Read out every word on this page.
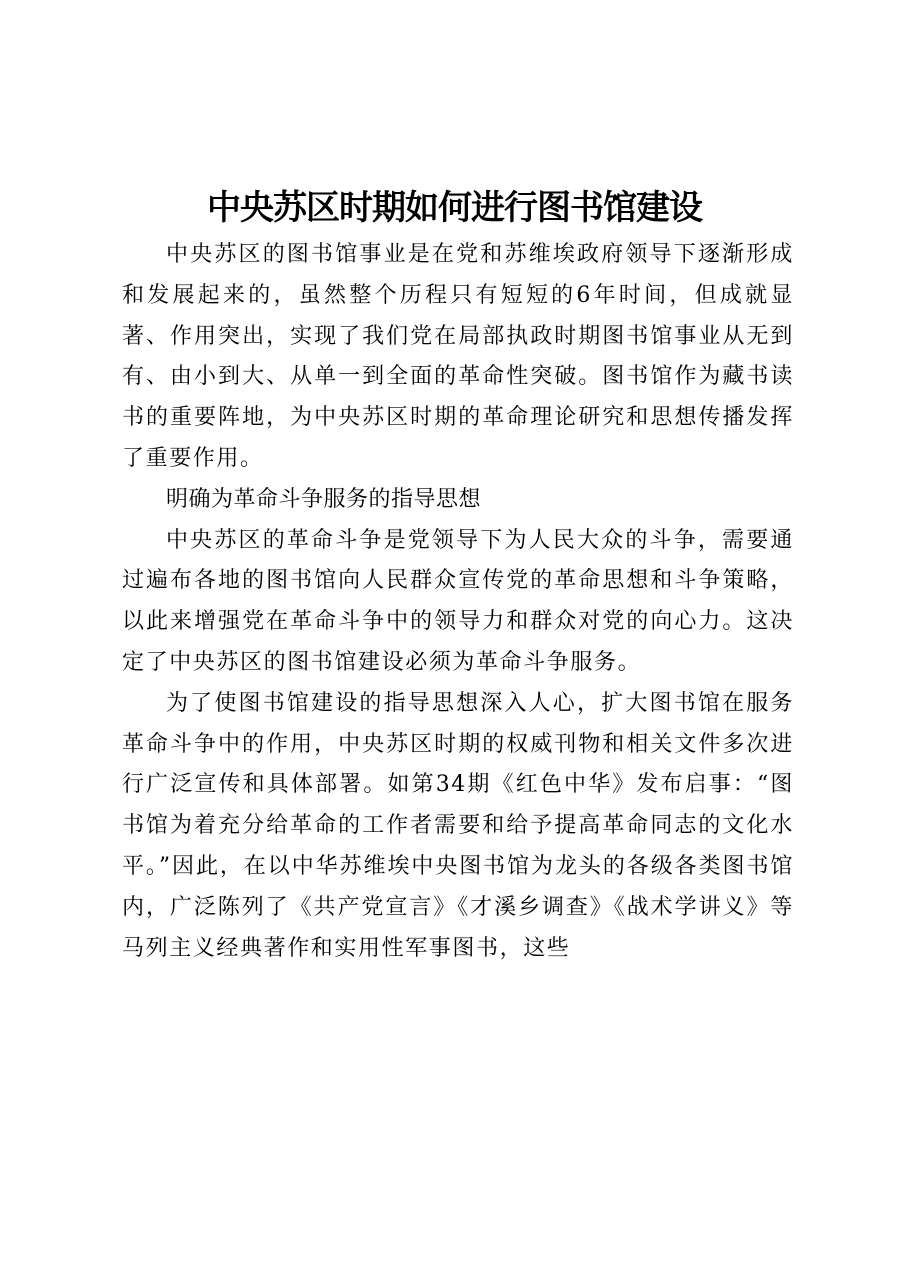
中央苏区时期如何进行图书馆建设

中央苏区的图书馆事业是在党和苏维埃政府领导下逐渐形成和发展起来的，虽然整个历程只有短短的6年时间，但成就显著、作用突出，实现了我们党在局部执政时期图书馆事业从无到有、由小到大、从单一到全面的革命性突破。图书馆作为藏书读书的重要阵地，为中央苏区时期的革命理论研究和思想传播发挥了重要作用。

明确为革命斗争服务的指导思想

中央苏区的革命斗争是党领导下为人民大众的斗争，需要通过遍布各地的图书馆向人民群众宣传党的革命思想和斗争策略，以此来增强党在革命斗争中的领导力和群众对党的向心力。这决定了中央苏区的图书馆建设必须为革命斗争服务。

为了使图书馆建设的指导思想深入人心，扩大图书馆在服务革命斗争中的作用，中央苏区时期的权威刊物和相关文件多次进行广泛宣传和具体部署。如第34期《红色中华》发布启事：“图书馆为着充分给革命的工作者需要和给予提高革命同志的文化水平。”因此，在以中华苏维埃中央图书馆为龙头的各级各类图书馆内，广泛陈列了《共产党宣言》《才溪乡调查》《战术学讲义》等马列主义经典著作和实用性军事图书，这些
